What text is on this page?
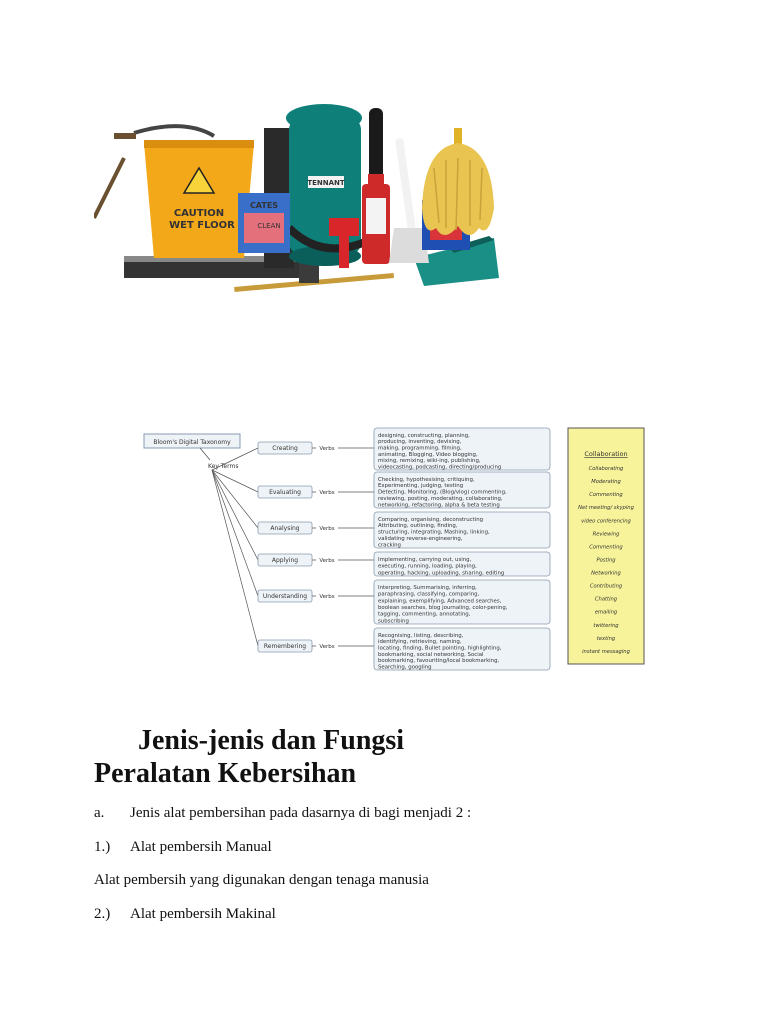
CAUTION
WET FLOOR
TENNANT
CATES
CLEAN
Bloom's Digital Taxonomy
Key Terms
Creating	Verbs
designing, constructing, planning,
producing, inventing, devising,
making, programming, filming,
animating, Blogging, Video blogging,
mixing, remixing, wiki-ing, publishing,
videocasting, podcasting, directing/producing
Evaluating	Verbs
Checking, hypothesising, critiquing,
Experimenting, judging, testing
Detecting, Monitoring, (Blog/vlog) commenting,
reviewing, posting, moderating, collaborating,
networking, refactoring, alpha & beta testing
Analysing	Verbs
Comparing, organising, deconstructing
Attributing, outlining, finding,
structuring, integrating, Mashing, linking,
validating reverse-engineering,
cracking
Applying	Verbs	Implementing, carrying out, using,
executing, running, loading, playing,
operating, hacking, uploading, sharing, editing
Understanding Verbs
Interpreting, Summarising, inferring,
paraphrasing, classifying, comparing,
explaining, exemplifying, Advanced searches,
boolean searches, blog journaling, color-pening,
tagging, commenting, annotating,
subscribing
Remembering Verbs
Recognising, listing, describing,
identifying, retrieving, naming,
locating, finding, Bullet pointing, highlighting,
bookmarking, social networking, Social
bookmarking, favouriting/local bookmarking,
Searching, googling
Collaboration
Collaborating
Moderating
Commenting
Net meeting/ skyping
video conferencing
Reviewing
Commenting
Posting
Networking
Contributing
Chatting
emailing
twittering
texting
instant messaging
Jenis-jenis dan Fungsi
Peralatan Kebersihan

a. Jenis alat pembersihan pada dasarnya di bagi menjadi 2 :

1.) Alat pembersih Manual

Alat pembersih yang digunakan dengan tenaga manusia

2.) Alat pembersih Makinal
